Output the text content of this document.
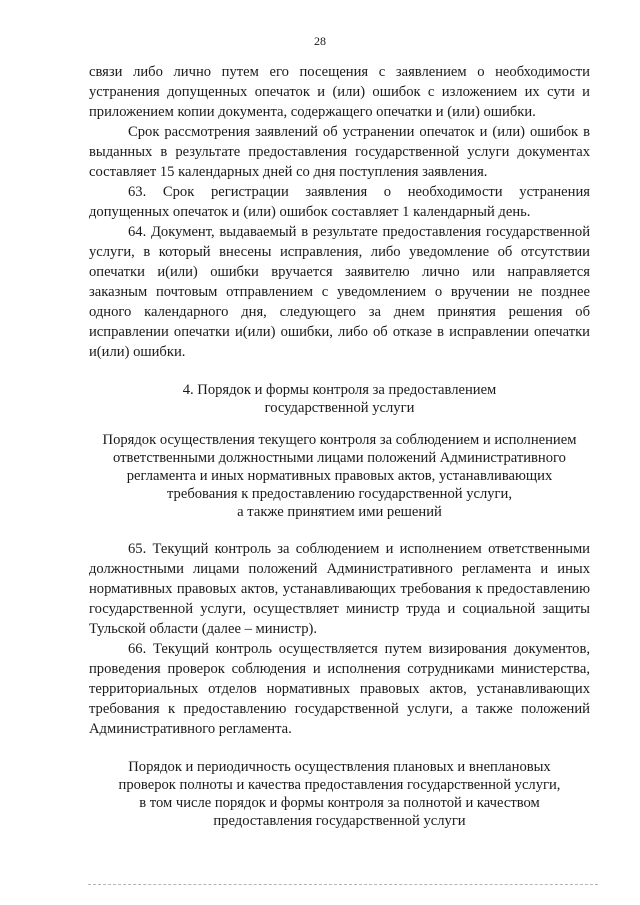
28

связи либо лично путем его посещения с заявлением о необходимости устранения допущенных опечаток и (или) ошибок с изложением их сути и приложением копии документа, содержащего опечатки и (или) ошибки.

Срок рассмотрения заявлений об устранении опечаток и (или) ошибок в выданных в результате предоставления государственной услуги документах составляет 15 календарных дней со дня поступления заявления.

63. Срок регистрации заявления о необходимости устранения допущенных опечаток и (или) ошибок составляет 1 календарный день.

64. Документ, выдаваемый в результате предоставления государственной услуги, в который внесены исправления, либо уведомление об отсутствии опечатки и(или) ошибки вручается заявителю лично или направляется заказным почтовым отправлением с уведомлением о вручении не позднее одного календарного дня, следующего за днем принятия решения об исправлении опечатки и(или) ошибки, либо об отказе в исправлении опечатки и(или) ошибки.

4. Порядок и формы контроля за предоставлением
государственной услуги

Порядок осуществления текущего контроля за соблюдением и исполнением
ответственными должностными лицами положений Административного
регламента и иных нормативных правовых актов, устанавливающих
требования к предоставлению государственной услуги,
а также принятием ими решений

65. Текущий контроль за соблюдением и исполнением ответственными должностными лицами положений Административного регламента и иных нормативных правовых актов, устанавливающих требования к предоставлению государственной услуги, осуществляет министр труда и социальной защиты Тульской области (далее – министр).

66. Текущий контроль осуществляется путем визирования документов, проведения проверок соблюдения и исполнения сотрудниками министерства, территориальных отделов нормативных правовых актов, устанавливающих требования к предоставлению государственной услуги, а также положений Административного регламента.

Порядок и периодичность осуществления плановых и внеплановых
проверок полноты и качества предоставления государственной услуги,
в том числе порядок и формы контроля за полнотой и качеством
предоставления государственной услуги
